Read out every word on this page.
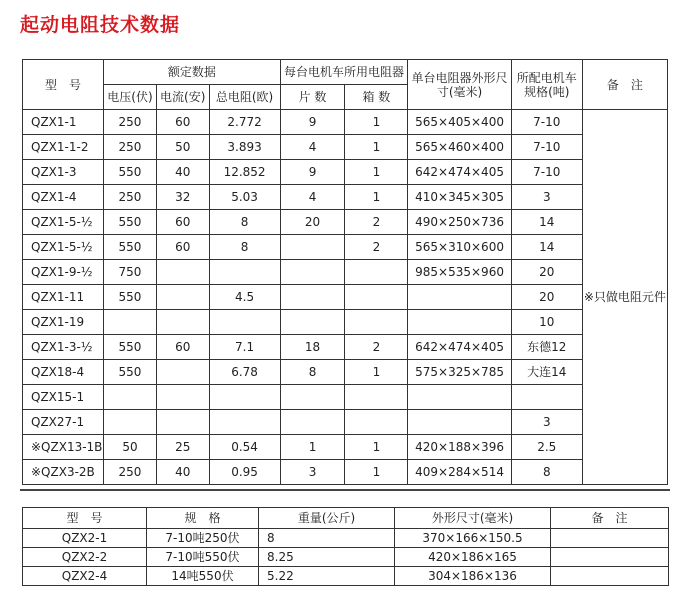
起动电阻技术数据
型　号	额定数据			每台电机车所用电阻器		单台电阻器外形尺寸(毫米)	所配电机车规格(吨)	备　注
	电压(伏)	电流(安)	总电阻(欧)	片 数	箱 数			
QZX1-1	250	60	2.772	9	1	565×405×400	7-10	※只做电阻元件
QZX1-1-2	250	50	3.893	4	1	565×460×400	7-10	
QZX1-3	550	40	12.852	9	1	642×474×405	7-10	
QZX1-4	250	32	5.03	4	1	410×345×305	3	
QZX1-5-½	550	60	8	20	2	490×250×736	14	
QZX1-5-½	550	60	8		2	565×310×600	14	
QZX1-9-½	750					985×535×960	20	
QZX1-11	550		4.5				20	
QZX1-19							10	
QZX1-3-½	550	60	7.1	18	2	642×474×405	东德12	
QZX18-4	550		6.78	8	1	575×325×785	大连14	
QZX15-1								
QZX27-1							3	
※QZX13-1B	50	25	0.54	1	1	420×188×396	2.5	
※QZX3-2B	250	40	0.95	3	1	409×284×514	8	
型　号	规　格	重量(公斤)	外形尺寸(毫米)	备　注
QZX2-1	7-10吨250伏	8	370×166×150.5	
QZX2-2	7-10吨550伏	8.25	420×186×165	
QZX2-4	14吨550伏	5.22	304×186×136	
